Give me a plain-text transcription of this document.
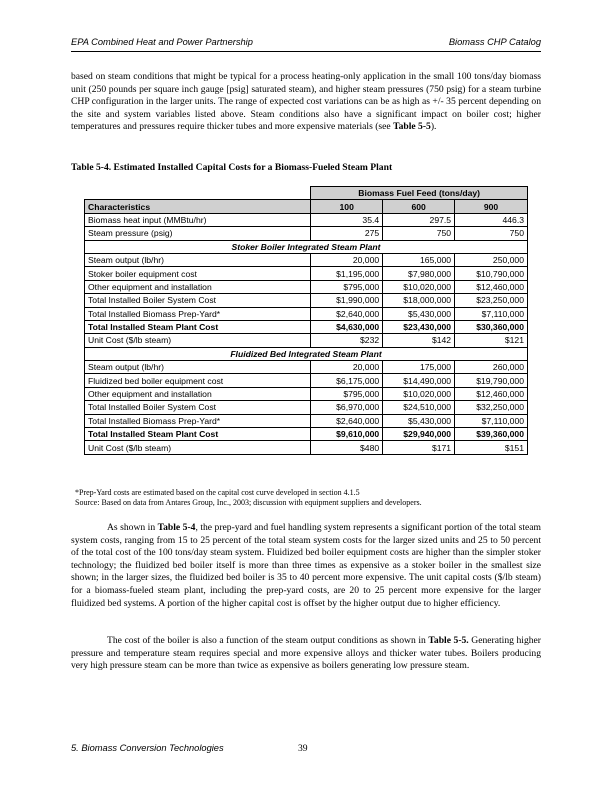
EPA Combined Heat and Power Partnership	Biomass CHP Catalog

based on steam conditions that might be typical for a process heating-only application in the small 100 tons/day biomass unit (250 pounds per square inch gauge [psig] saturated steam), and higher steam pressures (750 psig) for a steam turbine CHP configuration in the larger units. The range of expected cost variations can be as high as +/- 35 percent depending on the site and system variables listed above. Steam conditions also have a significant impact on boiler cost; higher temperatures and pressures require thicker tubes and more expensive materials (see Table 5-5).

Table 5-4. Estimated Installed Capital Costs for a Biomass-Fueled Steam Plant
	Biomass Fuel Feed (tons/day)		
Characteristics	100	600	900
Biomass heat input (MMBtu/hr)	35.4	297.5	446.3
Steam pressure (psig)	275	750	750
Stoker Boiler Integrated Steam Plant			
Steam output (lb/hr)	20,000	165,000	250,000
Stoker boiler equipment cost	$1,195,000	$7,980,000	$10,790,000
Other equipment and installation	$795,000	$10,020,000	$12,460,000
Total Installed Boiler System Cost	$1,990,000	$18,000,000	$23,250,000
Total Installed Biomass Prep-Yard*	$2,640,000	$5,430,000	$7,110,000
Total Installed Steam Plant Cost	$4,630,000	$23,430,000	$30,360,000
Unit Cost ($/lb steam)	$232	$142	$121
Fluidized Bed Integrated Steam Plant			
Steam output (lb/hr)	20,000	175,000	260,000
Fluidized bed boiler equipment cost	$6,175,000	$14,490,000	$19,790,000
Other equipment and installation	$795,000	$10,020,000	$12,460,000
Total Installed Boiler System Cost	$6,970,000	$24,510,000	$32,250,000
Total Installed Biomass Prep-Yard*	$2,640,000	$5,430,000	$7,110,000
Total Installed Steam Plant Cost	$9,610,000	$29,940,000	$39,360,000
Unit Cost ($/lb steam)	$480	$171	$151
*Prep-Yard costs are estimated based on the capital cost curve developed in section 4.1.5
Source: Based on data from Antares Group, Inc., 2003; discussion with equipment suppliers and developers.

As shown in Table 5-4, the prep-yard and fuel handling system represents a significant portion of the total steam system costs, ranging from 15 to 25 percent of the total steam system costs for the larger sized units and 25 to 50 percent of the total cost of the 100 tons/day steam system. Fluidized bed boiler equipment costs are higher than the simpler stoker technology; the fluidized bed boiler itself is more than three times as expensive as a stoker boiler in the smallest size shown; in the larger sizes, the fluidized bed boiler is 35 to 40 percent more expensive. The unit capital costs ($/lb steam) for a biomass-fueled steam plant, including the prep-yard costs, are 20 to 25 percent more expensive for the larger fluidized bed systems. A portion of the higher capital cost is offset by the higher output due to higher efficiency.

The cost of the boiler is also a function of the steam output conditions as shown in Table 5-5. Generating higher pressure and temperature steam requires special and more expensive alloys and thicker water tubes. Boilers producing very high pressure steam can be more than twice as expensive as boilers generating low pressure steam.

5. Biomass Conversion Technologies	39
